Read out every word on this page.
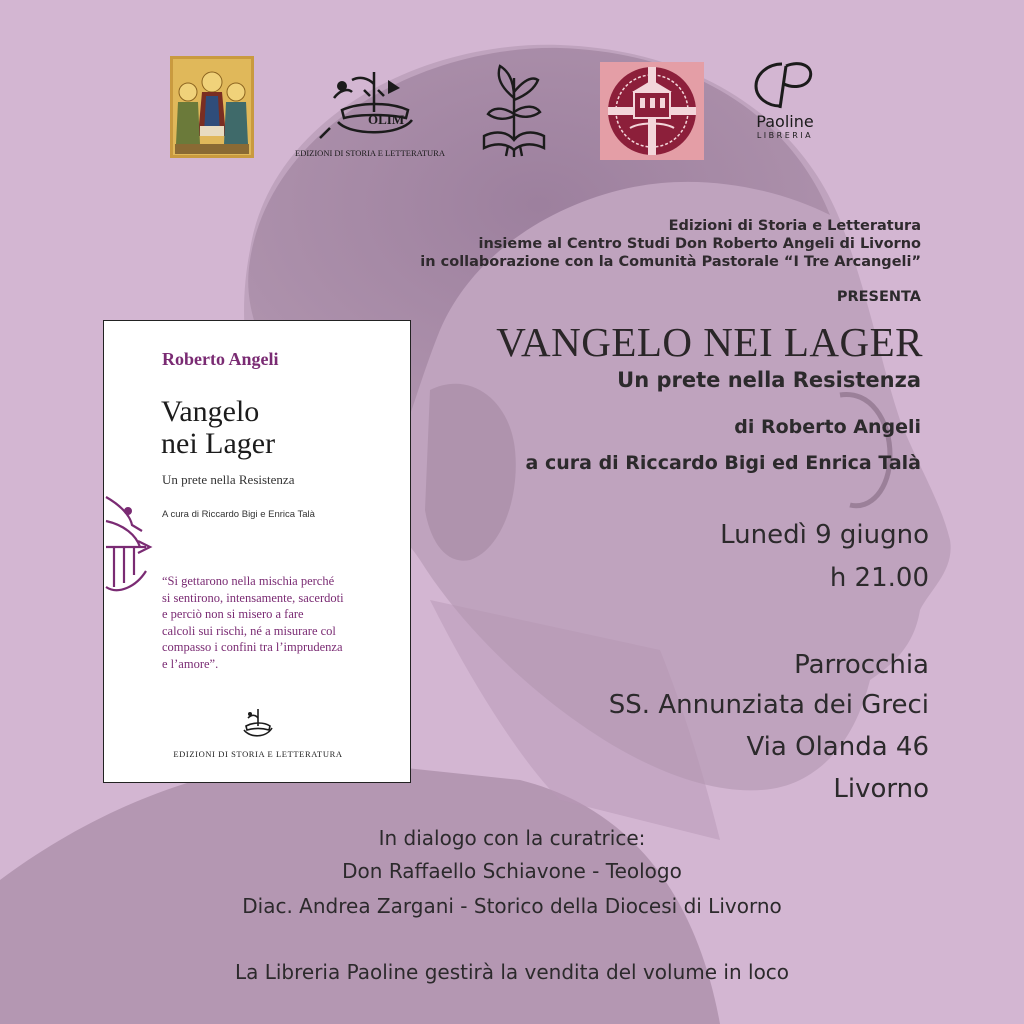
OLIM
EDIZIONI DI STORIA E LETTERATURA
Paoline
LIBRERIA
Edizioni di Storia e Letteratura
insieme al Centro Studi Don Roberto Angeli di Livorno
in collaborazione con la Comunità Pastorale “I Tre Arcangeli”
PRESENTA
VANGELO NEI LAGER
Un prete nella Resistenza
di Roberto Angeli
a cura di Riccardo Bigi ed Enrica Talà
Lunedì 9 giugno
h 21.00
Parrocchia
SS. Annunziata dei Greci
Via Olanda 46
Livorno
In dialogo con la curatrice:
Don Raffaello Schiavone - Teologo
Diac. Andrea Zargani - Storico della Diocesi di Livorno
La Libreria Paoline gestirà la vendita del volume in loco
Roberto Angeli
Vangelo
nei Lager
Un prete nella Resistenza
A cura di Riccardo Bigi e Enrica Talà
“Si gettarono nella mischia perché
si sentirono, intensamente, sacerdoti
e perciò non si misero a fare
calcoli sui rischi, né a misurare col
compasso i confini tra l’imprudenza
e l’amore”.
EDIZIONI DI STORIA E LETTERATURA
